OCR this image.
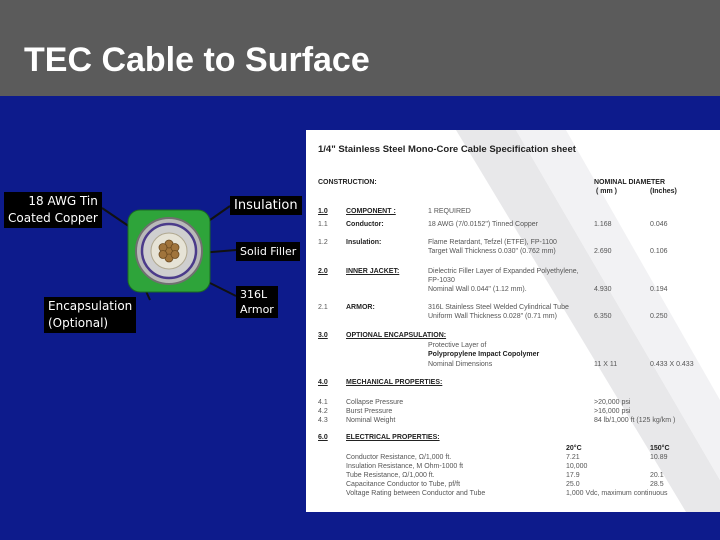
TEC Cable to Surface
18 AWG Tin
Coated Copper
Insulation
Solid Filler
316L
Armor
Encapsulation
(Optional)
1/4" Stainless Steel Mono-Core Cable Specification sheet
CONSTRUCTION:	NOMINAL DIAMETER
( mm )	(Inches)
1.0	COMPONENT :	1 REQUIRED
1.1	Conductor:	18 AWG (7/0.0152") Tinned Copper	1.168	0.046
1.2	Insulation:	Flame Retardant, Tefzel (ETFE), FP-1100
Target Wall Thickness 0.030" (0.762 mm)	2.690	0.106
2.0	INNER JACKET:	Dielectric Filler Layer of Expanded Polyethylene,
FP-1030
Nominal Wall 0.044" (1.12 mm).	4.930	0.194
2.1	ARMOR:	316L Stainless Steel Welded Cylindrical Tube
Uniform Wall Thickness 0.028" (0.71 mm)	6.350	0.250
3.0	OPTIONAL ENCAPSULATION:
Protective Layer of
Polypropylene Impact Copolymer
Nominal Dimensions	11 X 11	0.433 X 0.433
4.0	MECHANICAL PROPERTIES:
4.1	Collapse Pressure	>20,000 psi
4.2	Burst Pressure	>16,000 psi
4.3	Nominal Weight	84 lb/1,000 ft (125 kg/km )
6.0	ELECTRICAL PROPERTIES:
20°C	150°C
Conductor Resistance, Ω/1,000 ft.	7.21	10.89
Insulation Resistance, M Ohm-1000 ft	10,000
Tube Resistance, Ω/1,000 ft.	17.9	20.1
Capacitance Conductor to Tube, pf/ft	25.0	28.5
Voltage Rating between Conductor and Tube	1,000 Vdc, maximum continuous
